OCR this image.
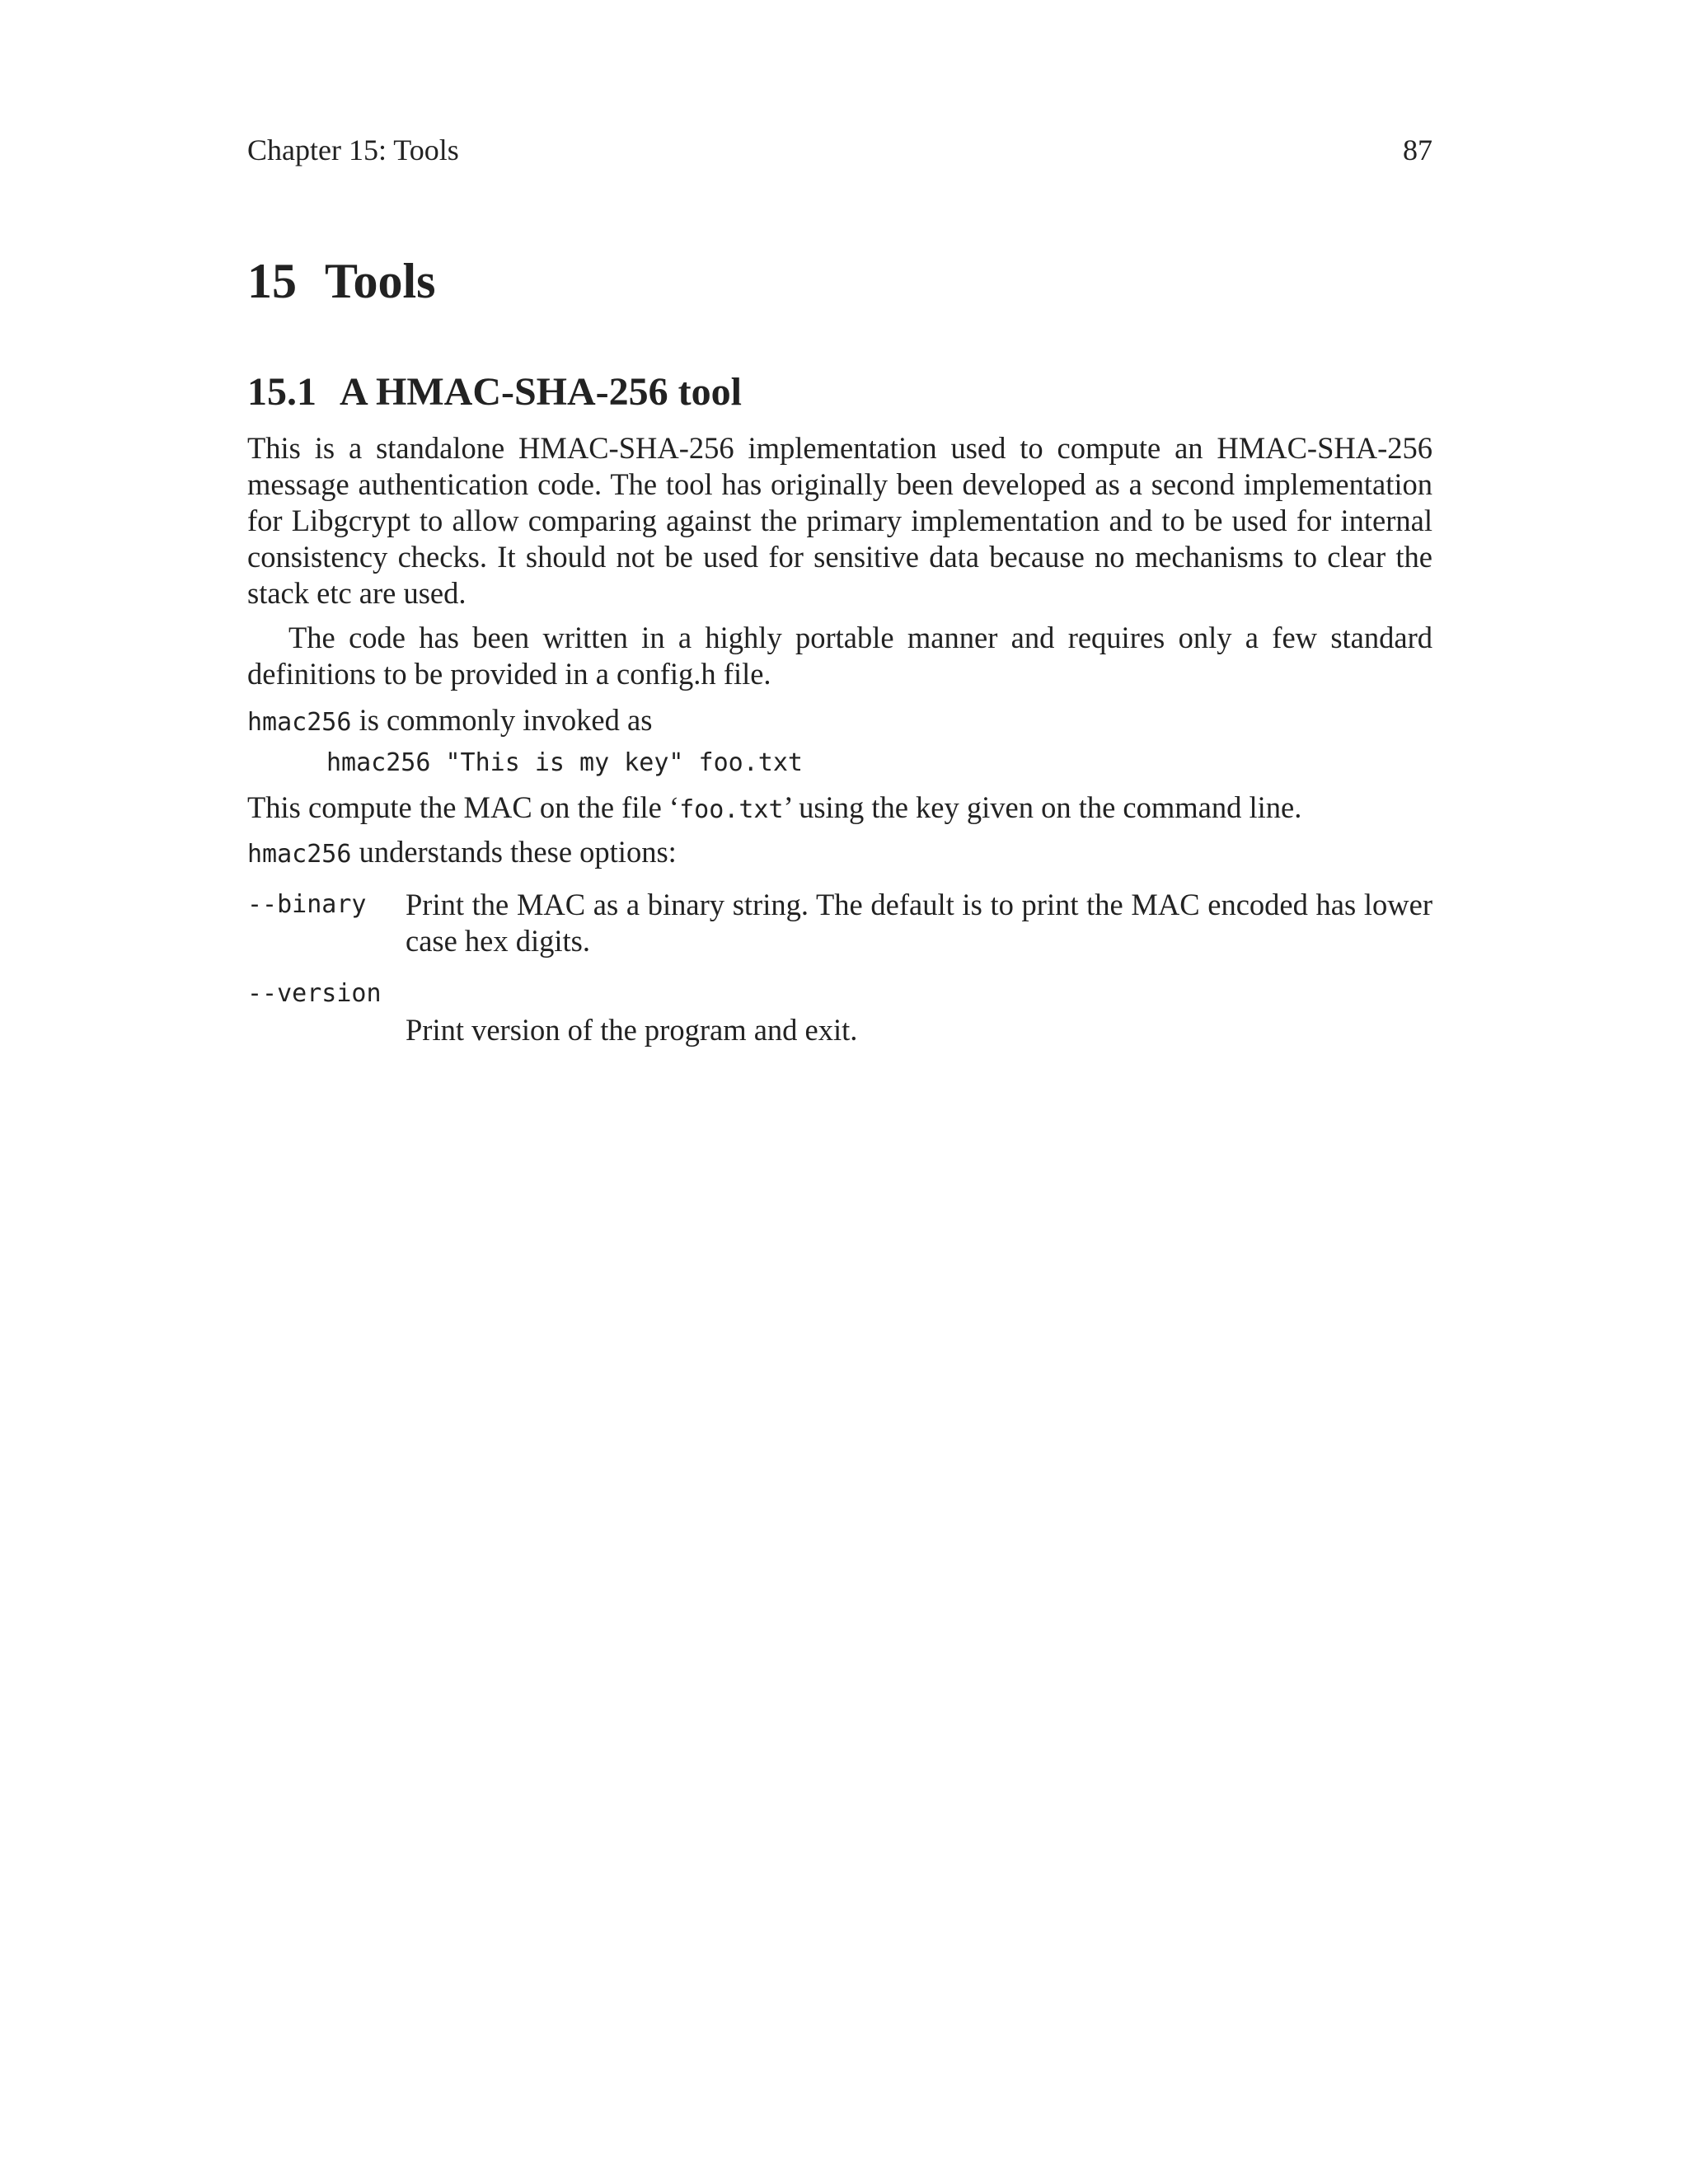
Chapter 15: Tools	87
15 Tools
15.1 A HMAC-SHA-256 tool

This is a standalone HMAC-SHA-256 implementation used to compute an HMAC-SHA-256 message authentication code. The tool has originally been developed as a second implementation for Libgcrypt to allow comparing against the primary implementation and to be used for internal consistency checks. It should not be used for sensitive data because no mechanisms to clear the stack etc are used.

The code has been written in a highly portable manner and requires only a few standard definitions to be provided in a config.h file.

hmac256 is commonly invoked as

hmac256 "This is my key" foo.txt

This compute the MAC on the file ‘foo.txt’ using the key given on the command line.

hmac256 understands these options:

--binary Print the MAC as a binary string. The default is to print the MAC encoded has lower case hex digits.
--version
Print version of the program and exit.
